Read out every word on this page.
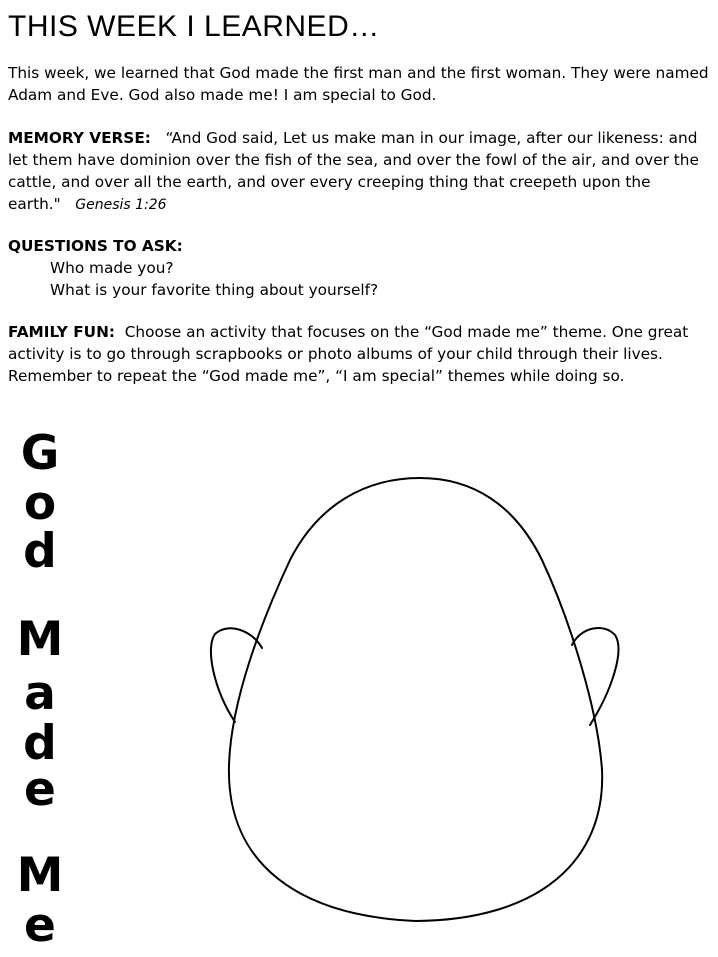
THIS WEEK I LEARNED…
This week, we learned that God made the first man and the first woman. They were named Adam and Eve. God also made me! I am special to God.
MEMORY VERSE: “And God said, Let us make man in our image, after our likeness: and let them have dominion over the fish of the sea, and over the fowl of the air, and over the cattle, and over all the earth, and over every creeping thing that creepeth upon the earth." Genesis 1:26
QUESTIONS TO ASK:
Who made you?
What is your favorite thing about yourself?
FAMILY FUN: Choose an activity that focuses on the “God made me” theme. One great activity is to go through scrapbooks or photo albums of your child through their lives. Remember to repeat the “God made me”, “I am special” themes while doing so.
G
o
d
M
a
d
e
M
e
